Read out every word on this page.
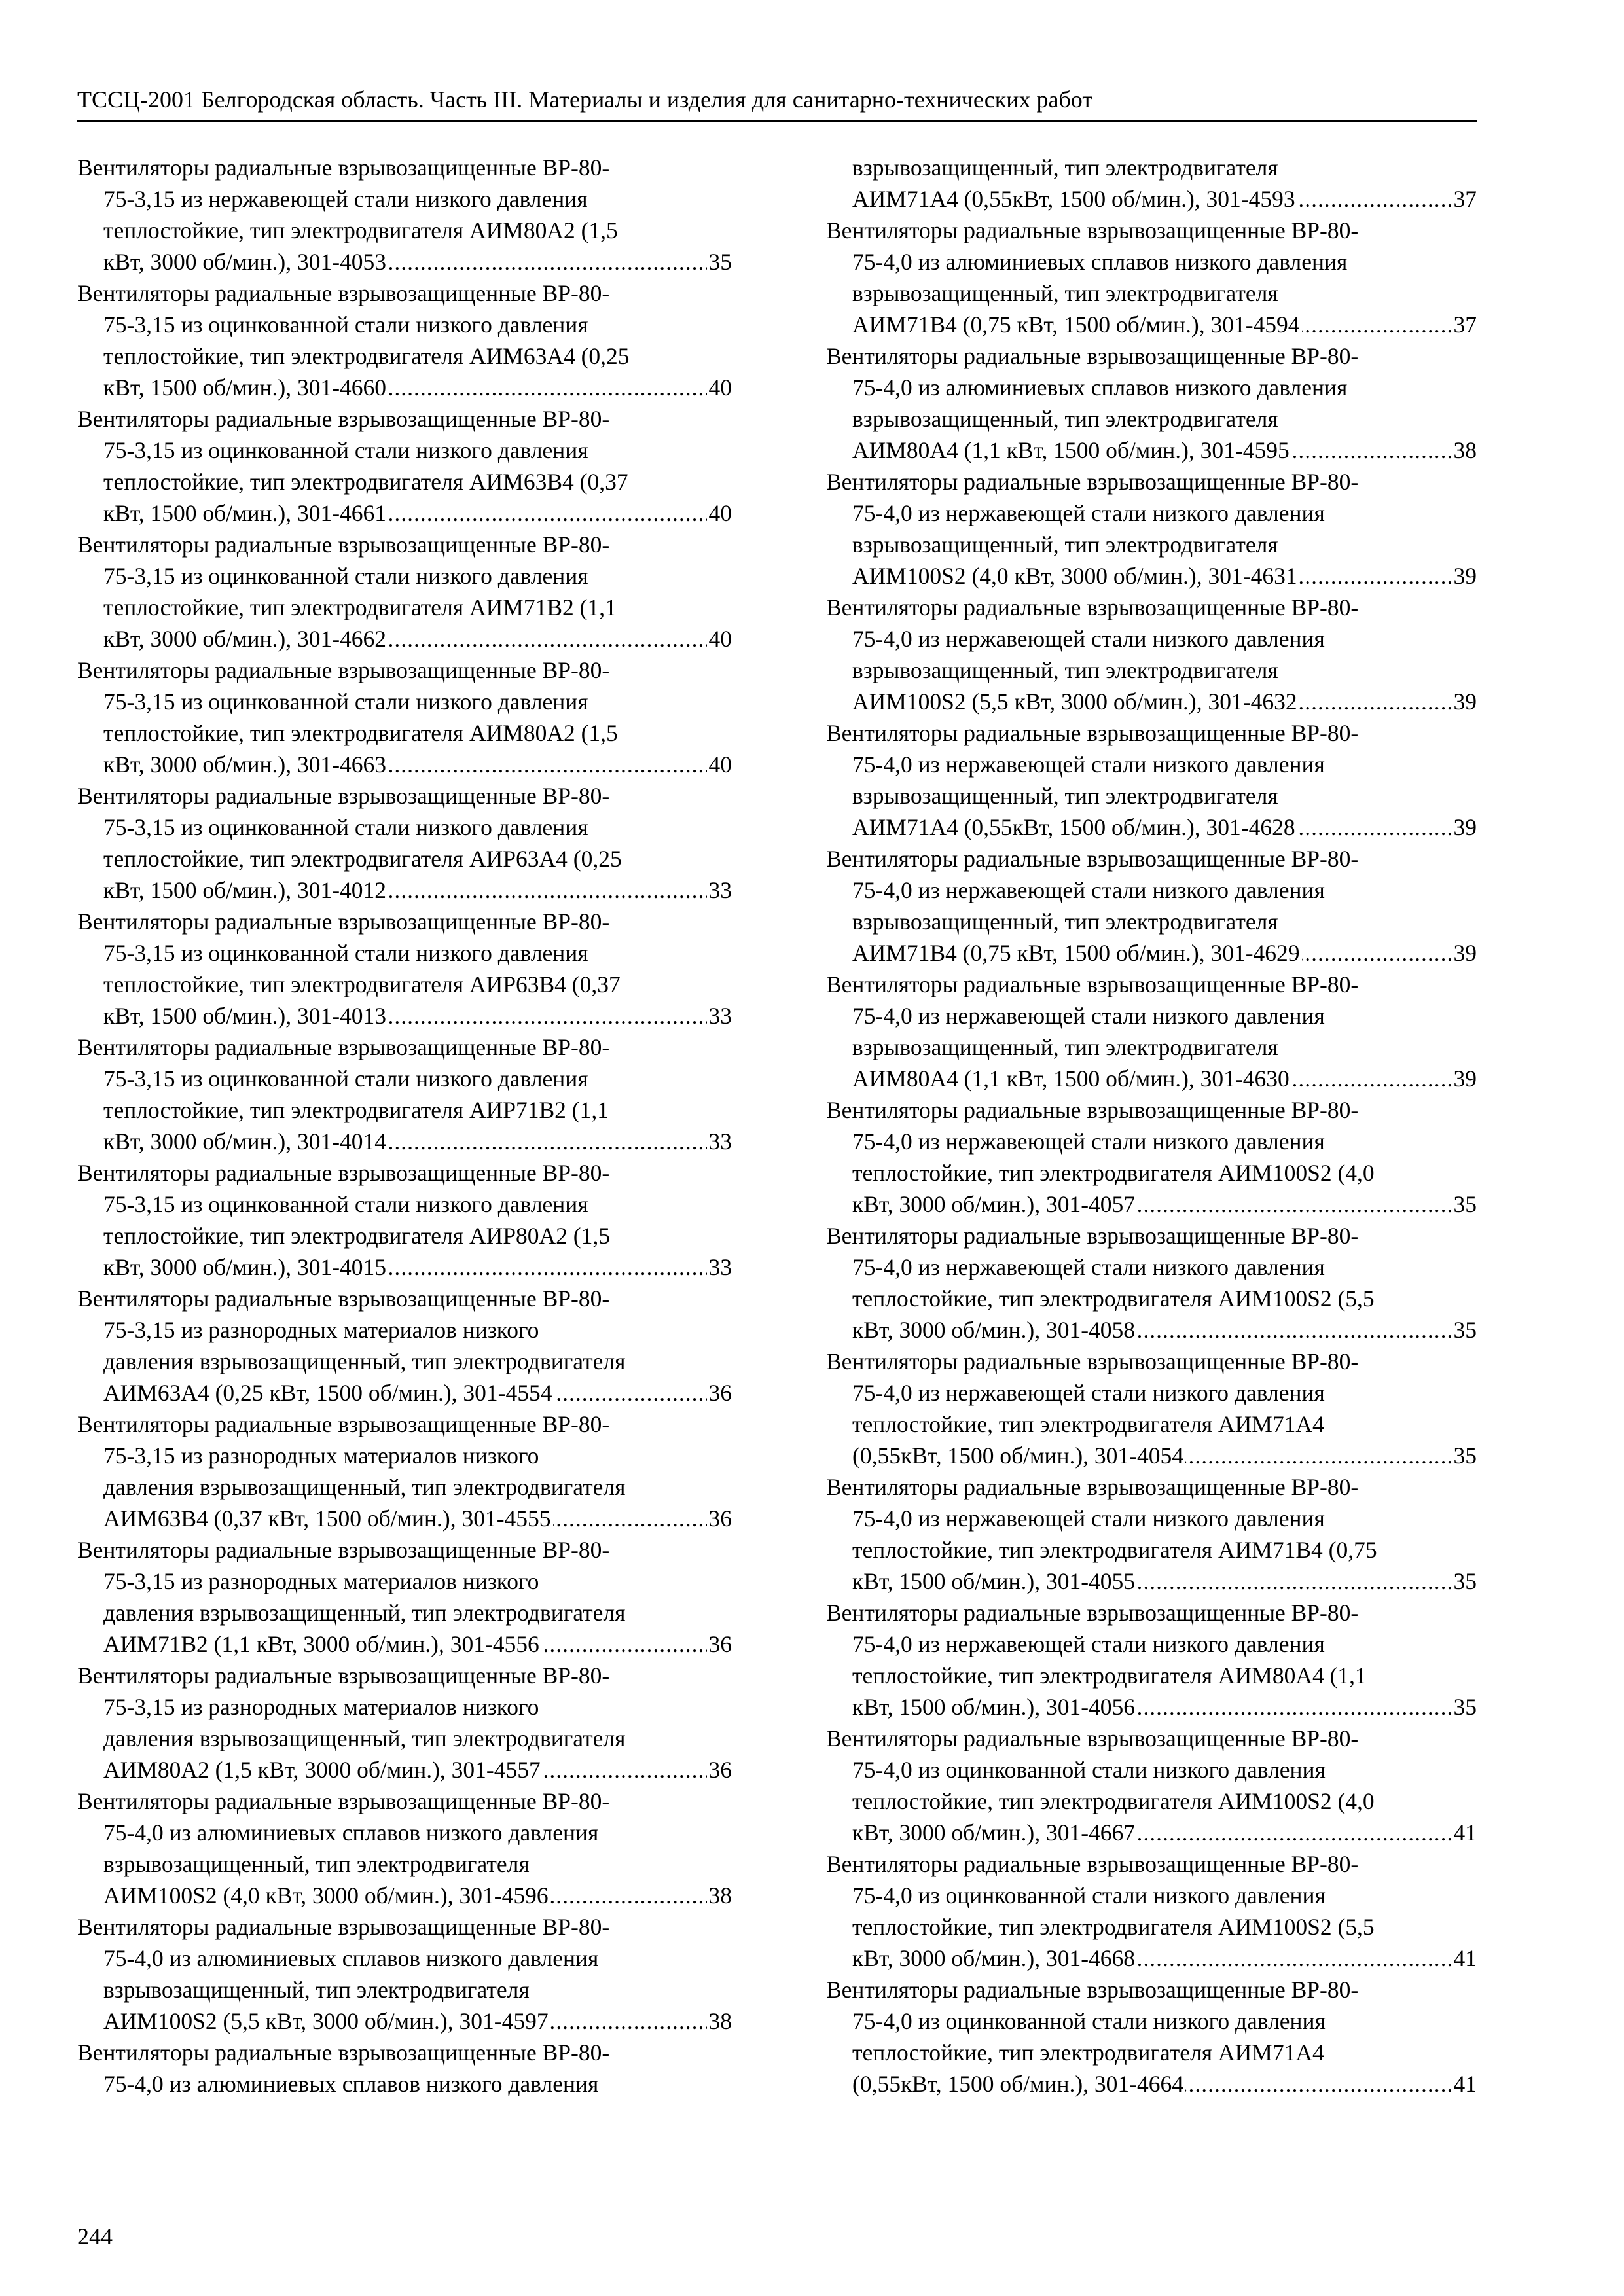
ТССЦ-2001 Белгородская область. Часть III. Материалы и изделия для санитарно-технических работ
Вентиляторы радиальные взрывозащищенные ВР-80-
75-3,15 из нержавеющей стали низкого давления
теплостойкие, тип электродвигателя АИМ80А2 (1,5
..... кВт, 3000 об/мин.), 301-4053	35
Вентиляторы радиальные взрывозащищенные ВР-80-
75-3,15 из оцинкованной стали низкого давления
теплостойкие, тип электродвигателя АИМ63А4 (0,25
..... кВт, 1500 об/мин.), 301-4660	40
Вентиляторы радиальные взрывозащищенные ВР-80-
75-3,15 из оцинкованной стали низкого давления
теплостойкие, тип электродвигателя АИМ63В4 (0,37
..... кВт, 1500 об/мин.), 301-4661	40
Вентиляторы радиальные взрывозащищенные ВР-80-
75-3,15 из оцинкованной стали низкого давления
теплостойкие, тип электродвигателя АИМ71В2 (1,1
..... кВт, 3000 об/мин.), 301-4662	40
Вентиляторы радиальные взрывозащищенные ВР-80-
75-3,15 из оцинкованной стали низкого давления
теплостойкие, тип электродвигателя АИМ80А2 (1,5
..... кВт, 3000 об/мин.), 301-4663	40
Вентиляторы радиальные взрывозащищенные ВР-80-
75-3,15 из оцинкованной стали низкого давления
теплостойкие, тип электродвигателя АИР63А4 (0,25
..... кВт, 1500 об/мин.), 301-4012	33
Вентиляторы радиальные взрывозащищенные ВР-80-
75-3,15 из оцинкованной стали низкого давления
теплостойкие, тип электродвигателя АИР63В4 (0,37
..... кВт, 1500 об/мин.), 301-4013	33
Вентиляторы радиальные взрывозащищенные ВР-80-
75-3,15 из оцинкованной стали низкого давления
теплостойкие, тип электродвигателя АИР71В2 (1,1
..... кВт, 3000 об/мин.), 301-4014	33
Вентиляторы радиальные взрывозащищенные ВР-80-
75-3,15 из оцинкованной стали низкого давления
теплостойкие, тип электродвигателя АИР80А2 (1,5
..... кВт, 3000 об/мин.), 301-4015	33
Вентиляторы радиальные взрывозащищенные ВР-80-
75-3,15 из разнородных материалов низкого
давления взрывозащищенный, тип электродвигателя
..... АИМ63А4 (0,25 кВт, 1500 об/мин.), 301-4554	36
Вентиляторы радиальные взрывозащищенные ВР-80-
75-3,15 из разнородных материалов низкого
давления взрывозащищенный, тип электродвигателя
..... АИМ63В4 (0,37 кВт, 1500 об/мин.), 301-4555	36
Вентиляторы радиальные взрывозащищенные ВР-80-
75-3,15 из разнородных материалов низкого
давления взрывозащищенный, тип электродвигателя
..... АИМ71В2 (1,1 кВт, 3000 об/мин.), 301-4556	36
Вентиляторы радиальные взрывозащищенные ВР-80-
75-3,15 из разнородных материалов низкого
давления взрывозащищенный, тип электродвигателя
..... АИМ80А2 (1,5 кВт, 3000 об/мин.), 301-4557	36
Вентиляторы радиальные взрывозащищенные ВР-80-
75-4,0 из алюминиевых сплавов низкого давления
взрывозащищенный, тип электродвигателя
..... АИМ100S2 (4,0 кВт, 3000 об/мин.), 301-4596	38
Вентиляторы радиальные взрывозащищенные ВР-80-
75-4,0 из алюминиевых сплавов низкого давления
взрывозащищенный, тип электродвигателя
..... АИМ100S2 (5,5 кВт, 3000 об/мин.), 301-4597	38
Вентиляторы радиальные взрывозащищенные ВР-80-
75-4,0 из алюминиевых сплавов низкого давления
взрывозащищенный, тип электродвигателя
..... АИМ71А4 (0,55кВт, 1500 об/мин.), 301-4593	37
Вентиляторы радиальные взрывозащищенные ВР-80-
75-4,0 из алюминиевых сплавов низкого давления
взрывозащищенный, тип электродвигателя
..... АИМ71В4 (0,75 кВт, 1500 об/мин.), 301-4594	37
Вентиляторы радиальные взрывозащищенные ВР-80-
75-4,0 из алюминиевых сплавов низкого давления
взрывозащищенный, тип электродвигателя
..... АИМ80А4 (1,1 кВт, 1500 об/мин.), 301-4595	38
Вентиляторы радиальные взрывозащищенные ВР-80-
75-4,0 из нержавеющей стали низкого давления
взрывозащищенный, тип электродвигателя
..... АИМ100S2 (4,0 кВт, 3000 об/мин.), 301-4631	39
Вентиляторы радиальные взрывозащищенные ВР-80-
75-4,0 из нержавеющей стали низкого давления
взрывозащищенный, тип электродвигателя
..... АИМ100S2 (5,5 кВт, 3000 об/мин.), 301-4632	39
Вентиляторы радиальные взрывозащищенные ВР-80-
75-4,0 из нержавеющей стали низкого давления
взрывозащищенный, тип электродвигателя
..... АИМ71А4 (0,55кВт, 1500 об/мин.), 301-4628	39
Вентиляторы радиальные взрывозащищенные ВР-80-
75-4,0 из нержавеющей стали низкого давления
взрывозащищенный, тип электродвигателя
..... АИМ71В4 (0,75 кВт, 1500 об/мин.), 301-4629	39
Вентиляторы радиальные взрывозащищенные ВР-80-
75-4,0 из нержавеющей стали низкого давления
взрывозащищенный, тип электродвигателя
..... АИМ80А4 (1,1 кВт, 1500 об/мин.), 301-4630	39
Вентиляторы радиальные взрывозащищенные ВР-80-
75-4,0 из нержавеющей стали низкого давления
теплостойкие, тип электродвигателя АИМ100S2 (4,0
..... кВт, 3000 об/мин.), 301-4057	35
Вентиляторы радиальные взрывозащищенные ВР-80-
75-4,0 из нержавеющей стали низкого давления
теплостойкие, тип электродвигателя АИМ100S2 (5,5
..... кВт, 3000 об/мин.), 301-4058	35
Вентиляторы радиальные взрывозащищенные ВР-80-
75-4,0 из нержавеющей стали низкого давления
теплостойкие, тип электродвигателя АИМ71А4
..... (0,55кВт, 1500 об/мин.), 301-4054	35
Вентиляторы радиальные взрывозащищенные ВР-80-
75-4,0 из нержавеющей стали низкого давления
теплостойкие, тип электродвигателя АИМ71В4 (0,75
..... кВт, 1500 об/мин.), 301-4055	35
Вентиляторы радиальные взрывозащищенные ВР-80-
75-4,0 из нержавеющей стали низкого давления
теплостойкие, тип электродвигателя АИМ80А4 (1,1
..... кВт, 1500 об/мин.), 301-4056	35
Вентиляторы радиальные взрывозащищенные ВР-80-
75-4,0 из оцинкованной стали низкого давления
теплостойкие, тип электродвигателя АИМ100S2 (4,0
..... кВт, 3000 об/мин.), 301-4667	41
Вентиляторы радиальные взрывозащищенные ВР-80-
75-4,0 из оцинкованной стали низкого давления
теплостойкие, тип электродвигателя АИМ100S2 (5,5
..... кВт, 3000 об/мин.), 301-4668	41
Вентиляторы радиальные взрывозащищенные ВР-80-
75-4,0 из оцинкованной стали низкого давления
теплостойкие, тип электродвигателя АИМ71А4
..... (0,55кВт, 1500 об/мин.), 301-4664	41
244
